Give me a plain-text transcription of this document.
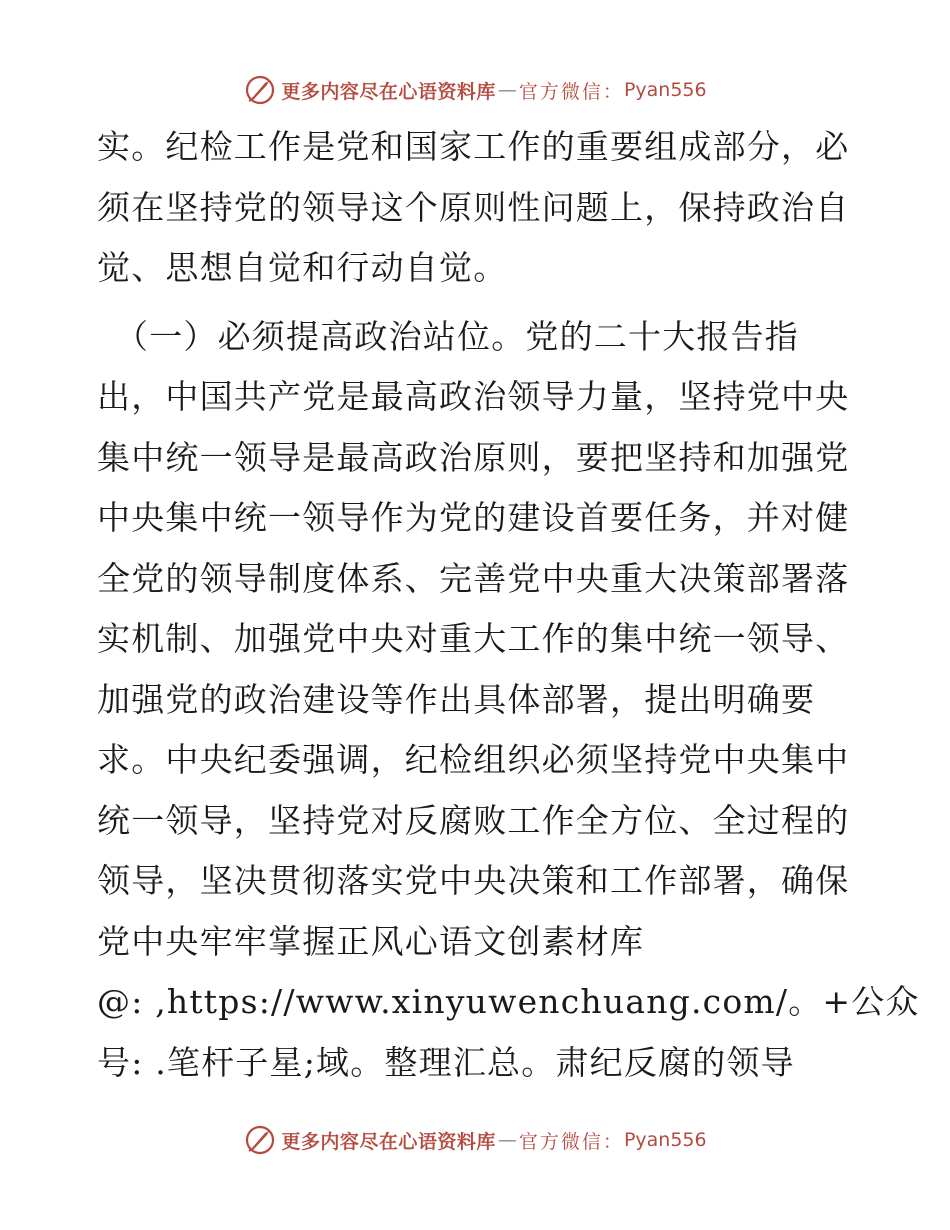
更多内容尽在心语资料库 — 官方微信： Pyan556
实。纪检工作是党和国家工作的重要组成部分，必
须在坚持党的领导这个原则性问题上，保持政治自
觉、思想自觉和行动自觉。
（一）必须提高政治站位。党的二十大报告指
出，中国共产党是最高政治领导力量，坚持党中央
集中统一领导是最高政治原则，要把坚持和加强党
中央集中统一领导作为党的建设首要任务，并对健
全党的领导制度体系、完善党中央重大决策部署落
实机制、加强党中央对重大工作的集中统一领导、
加强党的政治建设等作出具体部署，提出明确要
求。中央纪委强调，纪检组织必须坚持党中央集中
统一领导，坚持党对反腐败工作全方位、全过程的
领导，坚决贯彻落实党中央决策和工作部署，确保
党中央牢牢掌握正风心语文创素材库
@: ,https://www.xinyuwenchuang.com/。+公众
号: .笔杆子星;域。整理汇总。肃纪反腐的领导
更多内容尽在心语资料库 — 官方微信： Pyan556
